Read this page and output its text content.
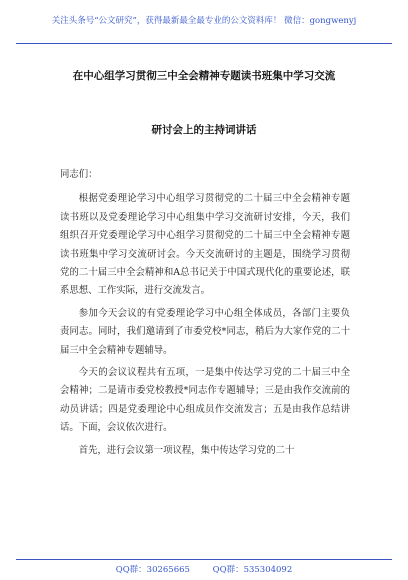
关注头条号“公文研究”，获得最新最全最专业的公文资料库！ 微信：gongwenyj
在中心组学习贯彻三中全会精神专题读书班集中学习交流
研讨会上的主持词讲话

同志们：

根据党委理论学习中心组学习贯彻党的二十届三中全会精神专题读书班以及党委理论学习中心组集中学习交流研讨安排，今天，我们组织召开党委理论学习中心组学习贯彻党的二十届三中全会精神专题读书班集中学习交流研讨会。今天交流研讨的主题是，围绕学习贯彻党的二十届三中全会精神和A总书记关于中国式现代化的重要论述，联系思想、工作实际，进行交流发言。

参加今天会议的有党委理论学习中心组全体成员，各部门主要负责同志。同时，我们邀请到了市委党校*同志，稍后为大家作党的二十届三中全会精神专题辅导。

今天的会议议程共有五项，一是集中传达学习党的二十届三中全会精神；二是请市委党校教授*同志作专题辅导；三是由我作交流前的动员讲话；四是党委理论中心组成员作交流发言；五是由我作总结讲话。下面，会议依次进行。

首先，进行会议第一项议程，集中传达学习党的二十

QQ群：30265665	QQ群：535304092
